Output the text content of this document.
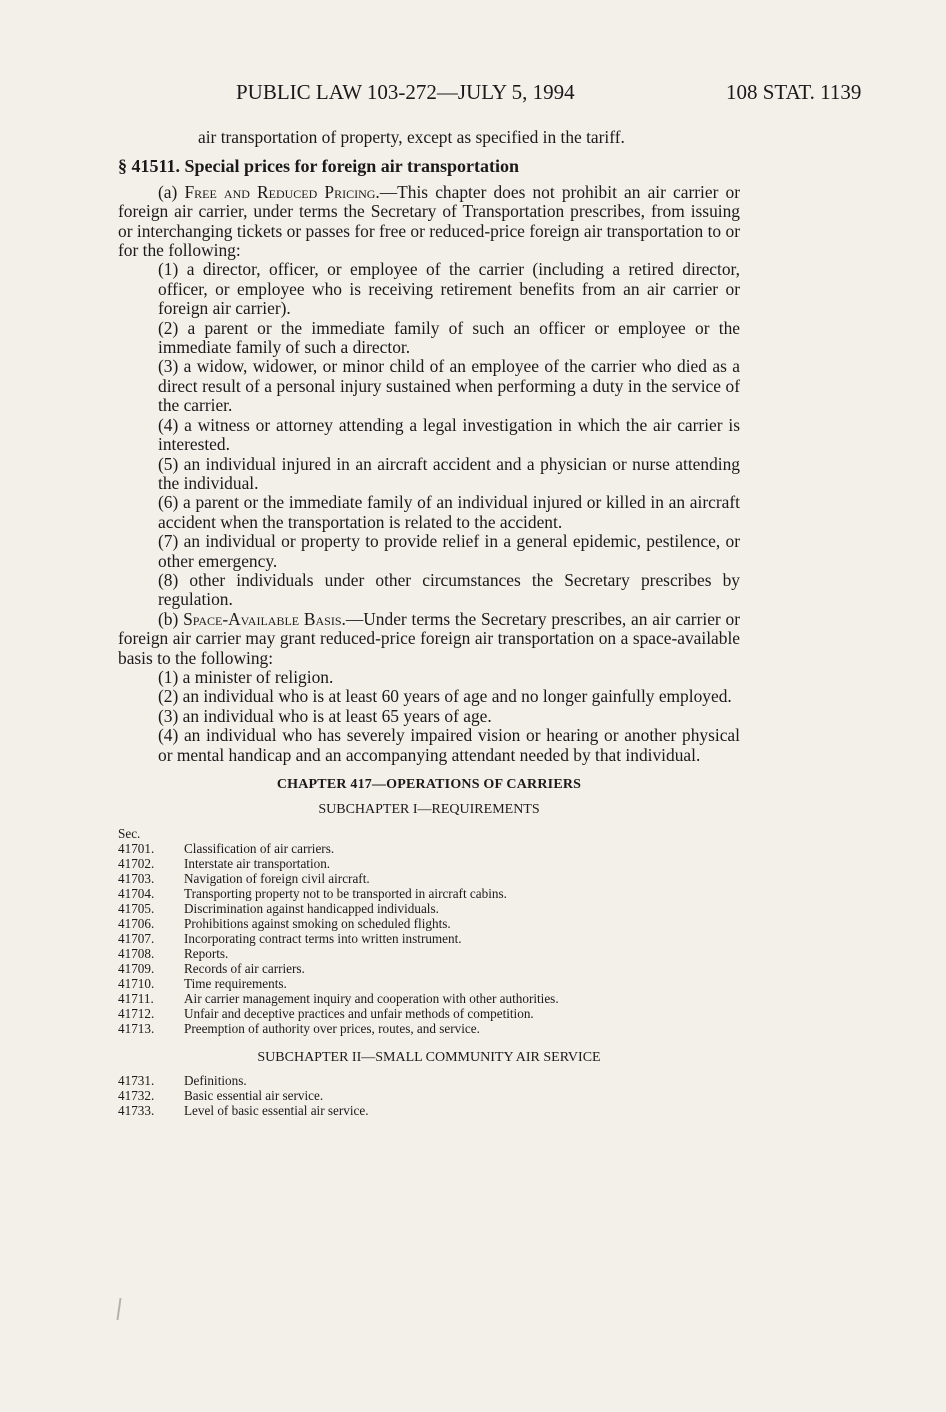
PUBLIC LAW 103-272—JULY 5, 1994	108 STAT. 1139

air transportation of property, except as specified in the tariff.

§ 41511. Special prices for foreign air transportation

(a) Free and Reduced Pricing.—This chapter does not prohibit an air carrier or foreign air carrier, under terms the Secretary of Transportation prescribes, from issuing or interchanging tickets or passes for free or reduced-price foreign air transportation to or for the following:

(1) a director, officer, or employee of the carrier (including a retired director, officer, or employee who is receiving retirement benefits from an air carrier or foreign air carrier).

(2) a parent or the immediate family of such an officer or employee or the immediate family of such a director.

(3) a widow, widower, or minor child of an employee of the carrier who died as a direct result of a personal injury sustained when performing a duty in the service of the carrier.

(4) a witness or attorney attending a legal investigation in which the air carrier is interested.

(5) an individual injured in an aircraft accident and a physician or nurse attending the individual.

(6) a parent or the immediate family of an individual injured or killed in an aircraft accident when the transportation is related to the accident.

(7) an individual or property to provide relief in a general epidemic, pestilence, or other emergency.

(8) other individuals under other circumstances the Secretary prescribes by regulation.

(b) Space-Available Basis.—Under terms the Secretary prescribes, an air carrier or foreign air carrier may grant reduced-price foreign air transportation on a space-available basis to the following:

(1) a minister of religion.

(2) an individual who is at least 60 years of age and no longer gainfully employed.

(3) an individual who is at least 65 years of age.

(4) an individual who has severely impaired vision or hearing or another physical or mental handicap and an accompanying attendant needed by that individual.

CHAPTER 417—OPERATIONS OF CARRIERS

SUBCHAPTER I—REQUIREMENTS

Sec.

41701.	Classification of air carriers.
41702.	Interstate air transportation.
41703.	Navigation of foreign civil aircraft.
41704.	Transporting property not to be transported in aircraft cabins.
41705.	Discrimination against handicapped individuals.
41706.	Prohibitions against smoking on scheduled flights.
41707.	Incorporating contract terms into written instrument.
41708.	Reports.
41709.	Records of air carriers.
41710.	Time requirements.
41711.	Air carrier management inquiry and cooperation with other authorities.
41712.	Unfair and deceptive practices and unfair methods of competition.
41713.	Preemption of authority over prices, routes, and service.

SUBCHAPTER II—SMALL COMMUNITY AIR SERVICE

41731.	Definitions.
41732.	Basic essential air service.
41733.	Level of basic essential air service.
